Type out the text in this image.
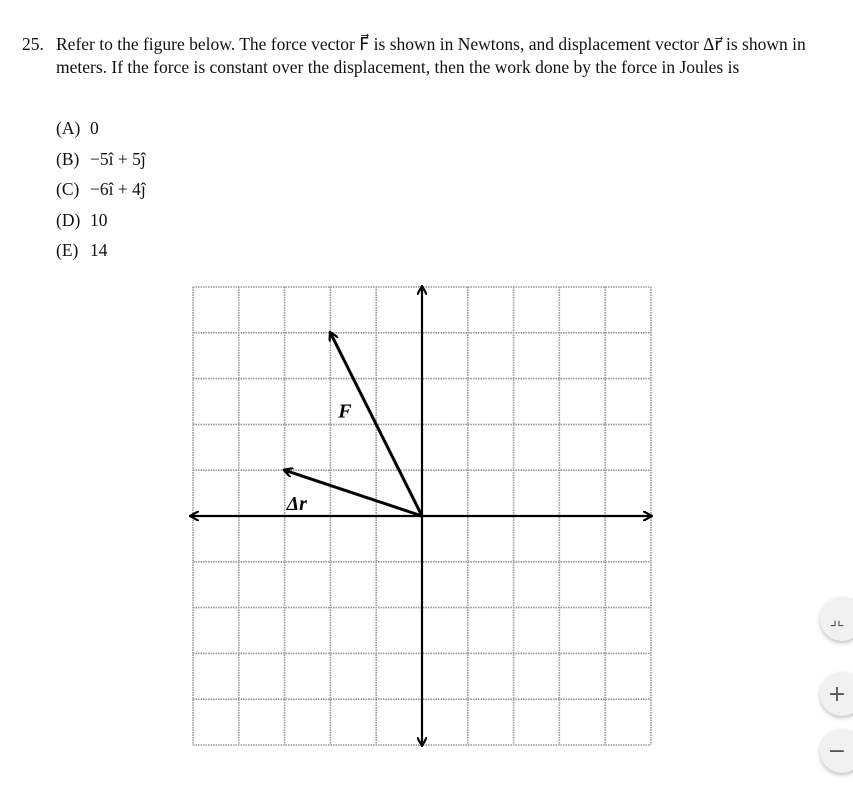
25. Refer to the figure below. The force vector F⃗ is shown in Newtons, and displacement vector Δr⃗ is shown in meters. If the force is constant over the displacement, then the work done by the force in Joules is
(A) 0
(B) −5î + 5ĵ
(C) −6î + 4ĵ
(D) 10
(E) 14
F⃗
Δr⃗
⌟⌞
+
−
